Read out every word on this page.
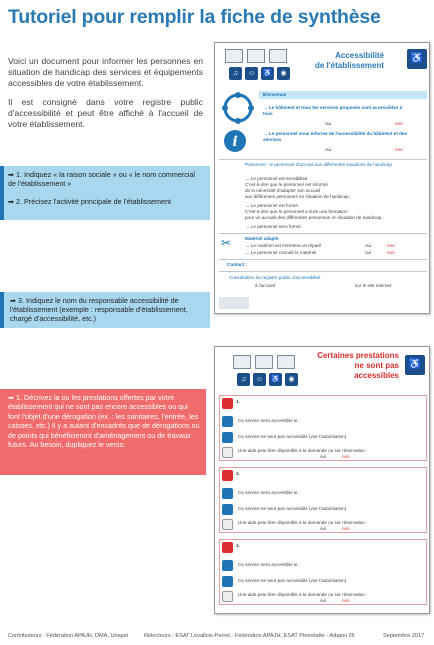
Tutoriel pour remplir la fiche de synthèse

Voici un document pour informer les personnes en situation de handicap des services et équipements accessibles de votre établissement.

Il est consigné dans votre registre public d'accessibilité et peut être affiché à l'accueil de votre établissement.

➡ 1. Indiquez « la raison sociale » ou « le nom commercial de l'établissement »
➡ 2. Précisez l'activité principale de l'établissement
➡ 3. Indiquez le nom du responsable accessibilité de l'établissement (exemple : responsable d'établissement, chargé d'accessibilité, etc.)
➡ 1. Décrivez la ou les prestations offertes par votre établissement qui ne sont pas encore accessibles ou qui font l'objet d'une dérogation (ex. : les sanitaires, l'entrée, les caisses, etc.) Il y a autant d'encadrés que de dérogations ou de points qui bénéficieront d'aménagement ou de travaux futurs. Au besoin, dupliquez le verso.
♫	☺	♿	◉
Accessibilité
de l'établissement
♿
Bienvenue
→ Le bâtiment et tous les services proposés sont accessibles à tous
oui	non
i
→ Le personnel vous informe de l'accessibilité du bâtiment et des services
oui	non
Personnel : le personnel d'accueil aux différentes situations de handicap
→ Le personnel est sensibilisé.
C'est-à-dire que le personnel est informé
de la nécessité d'adapter son accueil
aux différentes personnes en situation de handicap.
→ Le personnel est formé.
C'est-à-dire que le personnel a suivi une formation
pour un accueil des différentes personnes en situation de handicap.
→ Le personnel sera formé.
✂	Matériel adapté
→ Le matériel est entretenu et réparé	oui	non
→ Le personnel connaît le matériel	oui	non
Contact :
Consultation du registre public d'accessibilité :
à l'accueil	sur le site internet
♫	☺	♿	◉
Certaines prestations
ne sont pas
accessibles
♿
1.
Ce service sera accessible le :
Ce service ne sera pas accessible (voir l'autorisation)
Une aide peut être disponible à la demande ou sur réservation :
oui	non
2.
Ce service sera accessible le :
Ce service ne sera pas accessible (voir l'autorisation)
Une aide peut être disponible à la demande ou sur réservation :
oui	non
3.
Ce service sera accessible le :
Ce service ne sera pas accessible (voir l'autorisation)
Une aide peut être disponible à la demande ou sur réservation :
oui	non
Contributeurs : Fédération APAJH, DMA, Unapei	Relecteurs : ESAT Levallois-Perret - Fédération APAJH, ESAT Pierrelatte - Adapei 26	Septembre 2017
